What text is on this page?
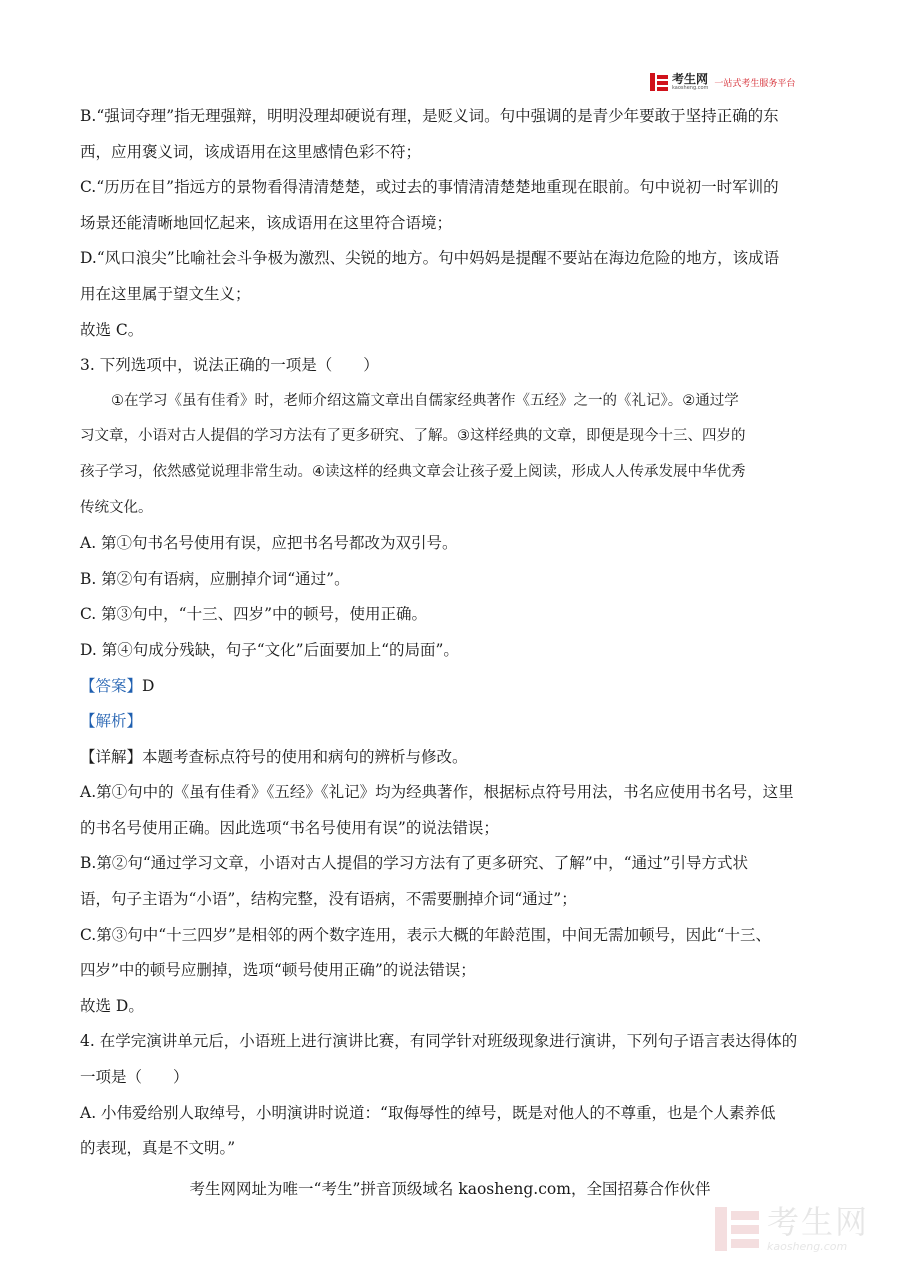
考生网
kaosheng.com 一站式考生服务平台
B.“强词夺理”指无理强辩，明明没理却硬说有理，是贬义词。句中强调的是青少年要敢于坚持正确的东
西，应用褒义词，该成语用在这里感情色彩不符；
C.“历历在目”指远方的景物看得清清楚楚，或过去的事情清清楚楚地重现在眼前。句中说初一时军训的
场景还能清晰地回忆起来，该成语用在这里符合语境；
D.“风口浪尖”比喻社会斗争极为激烈、尖锐的地方。句中妈妈是提醒不要站在海边危险的地方，该成语
用在这里属于望文生义；
故选 C。
3. 下列选项中，说法正确的一项是（　　）
①在学习《虽有佳肴》时，老师介绍这篇文章出自儒家经典著作《五经》之一的《礼记》。②通过学
习文章，小语对古人提倡的学习方法有了更多研究、了解。③这样经典的文章，即便是现今十三、四岁的
孩子学习，依然感觉说理非常生动。④读这样的经典文章会让孩子爱上阅读，形成人人传承发展中华优秀
传统文化。
A. 第①句书名号使用有误，应把书名号都改为双引号。
B. 第②句有语病，应删掉介词“通过”。
C. 第③句中，“十三、四岁”中的顿号，使用正确。
D. 第④句成分残缺，句子“文化”后面要加上“的局面”。
【答案】D
【解析】
【详解】本题考查标点符号的使用和病句的辨析与修改。
A.第①句中的《虽有佳肴》《五经》《礼记》均为经典著作，根据标点符号用法，书名应使用书名号，这里
的书名号使用正确。因此选项“书名号使用有误”的说法错误；
B.第②句“通过学习文章，小语对古人提倡的学习方法有了更多研究、了解”中，“通过”引导方式状
语，句子主语为“小语”，结构完整，没有语病，不需要删掉介词“通过”；
C.第③句中“十三四岁”是相邻的两个数字连用，表示大概的年龄范围，中间无需加顿号，因此“十三、
四岁”中的顿号应删掉，选项“顿号使用正确”的说法错误；
故选 D。
4. 在学完演讲单元后，小语班上进行演讲比赛，有同学针对班级现象进行演讲，下列句子语言表达得体的
一项是（　　）
A. 小伟爱给别人取绰号，小明演讲时说道：“取侮辱性的绰号，既是对他人的不尊重，也是个人素养低
的表现，真是不文明。”
考生网网址为唯一“考生”拼音顶级域名 kaosheng.com，全国招募合作伙伴
考生网
kaosheng.com
